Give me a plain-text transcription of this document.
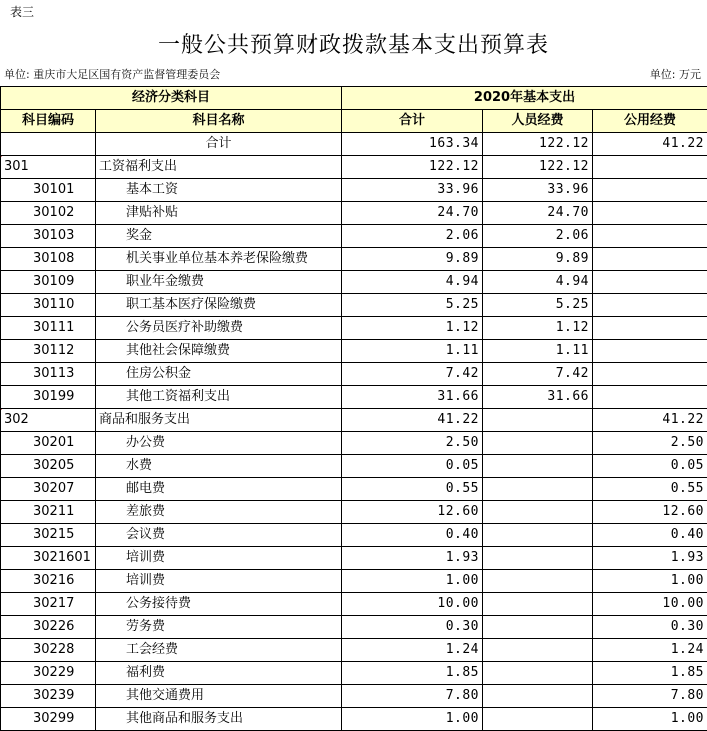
表三
一般公共预算财政拨款基本支出预算表
单位: 重庆市大足区国有资产监督管理委员会	单位: 万元
经济分类科目		2020年基本支出		
科目编码	科目名称	合计	人员经费	公用经费
	合计	163.34	122.12	41.22
301	工资福利支出	122.12	122.12	
30101	基本工资	33.96	33.96	
30102	津贴补贴	24.70	24.70	
30103	奖金	2.06	2.06	
30108	机关事业单位基本养老保险缴费	9.89	9.89	
30109	职业年金缴费	4.94	4.94	
30110	职工基本医疗保险缴费	5.25	5.25	
30111	公务员医疗补助缴费	1.12	1.12	
30112	其他社会保障缴费	1.11	1.11	
30113	住房公积金	7.42	7.42	
30199	其他工资福利支出	31.66	31.66	
302	商品和服务支出	41.22		41.22
30201	办公费	2.50		2.50
30205	水费	0.05		0.05
30207	邮电费	0.55		0.55
30211	差旅费	12.60		12.60
30215	会议费	0.40		0.40
3021601	培训费	1.93		1.93
30216	培训费	1.00		1.00
30217	公务接待费	10.00		10.00
30226	劳务费	0.30		0.30
30228	工会经费	1.24		1.24
30229	福利费	1.85		1.85
30239	其他交通费用	7.80		7.80
30299	其他商品和服务支出	1.00		1.00
